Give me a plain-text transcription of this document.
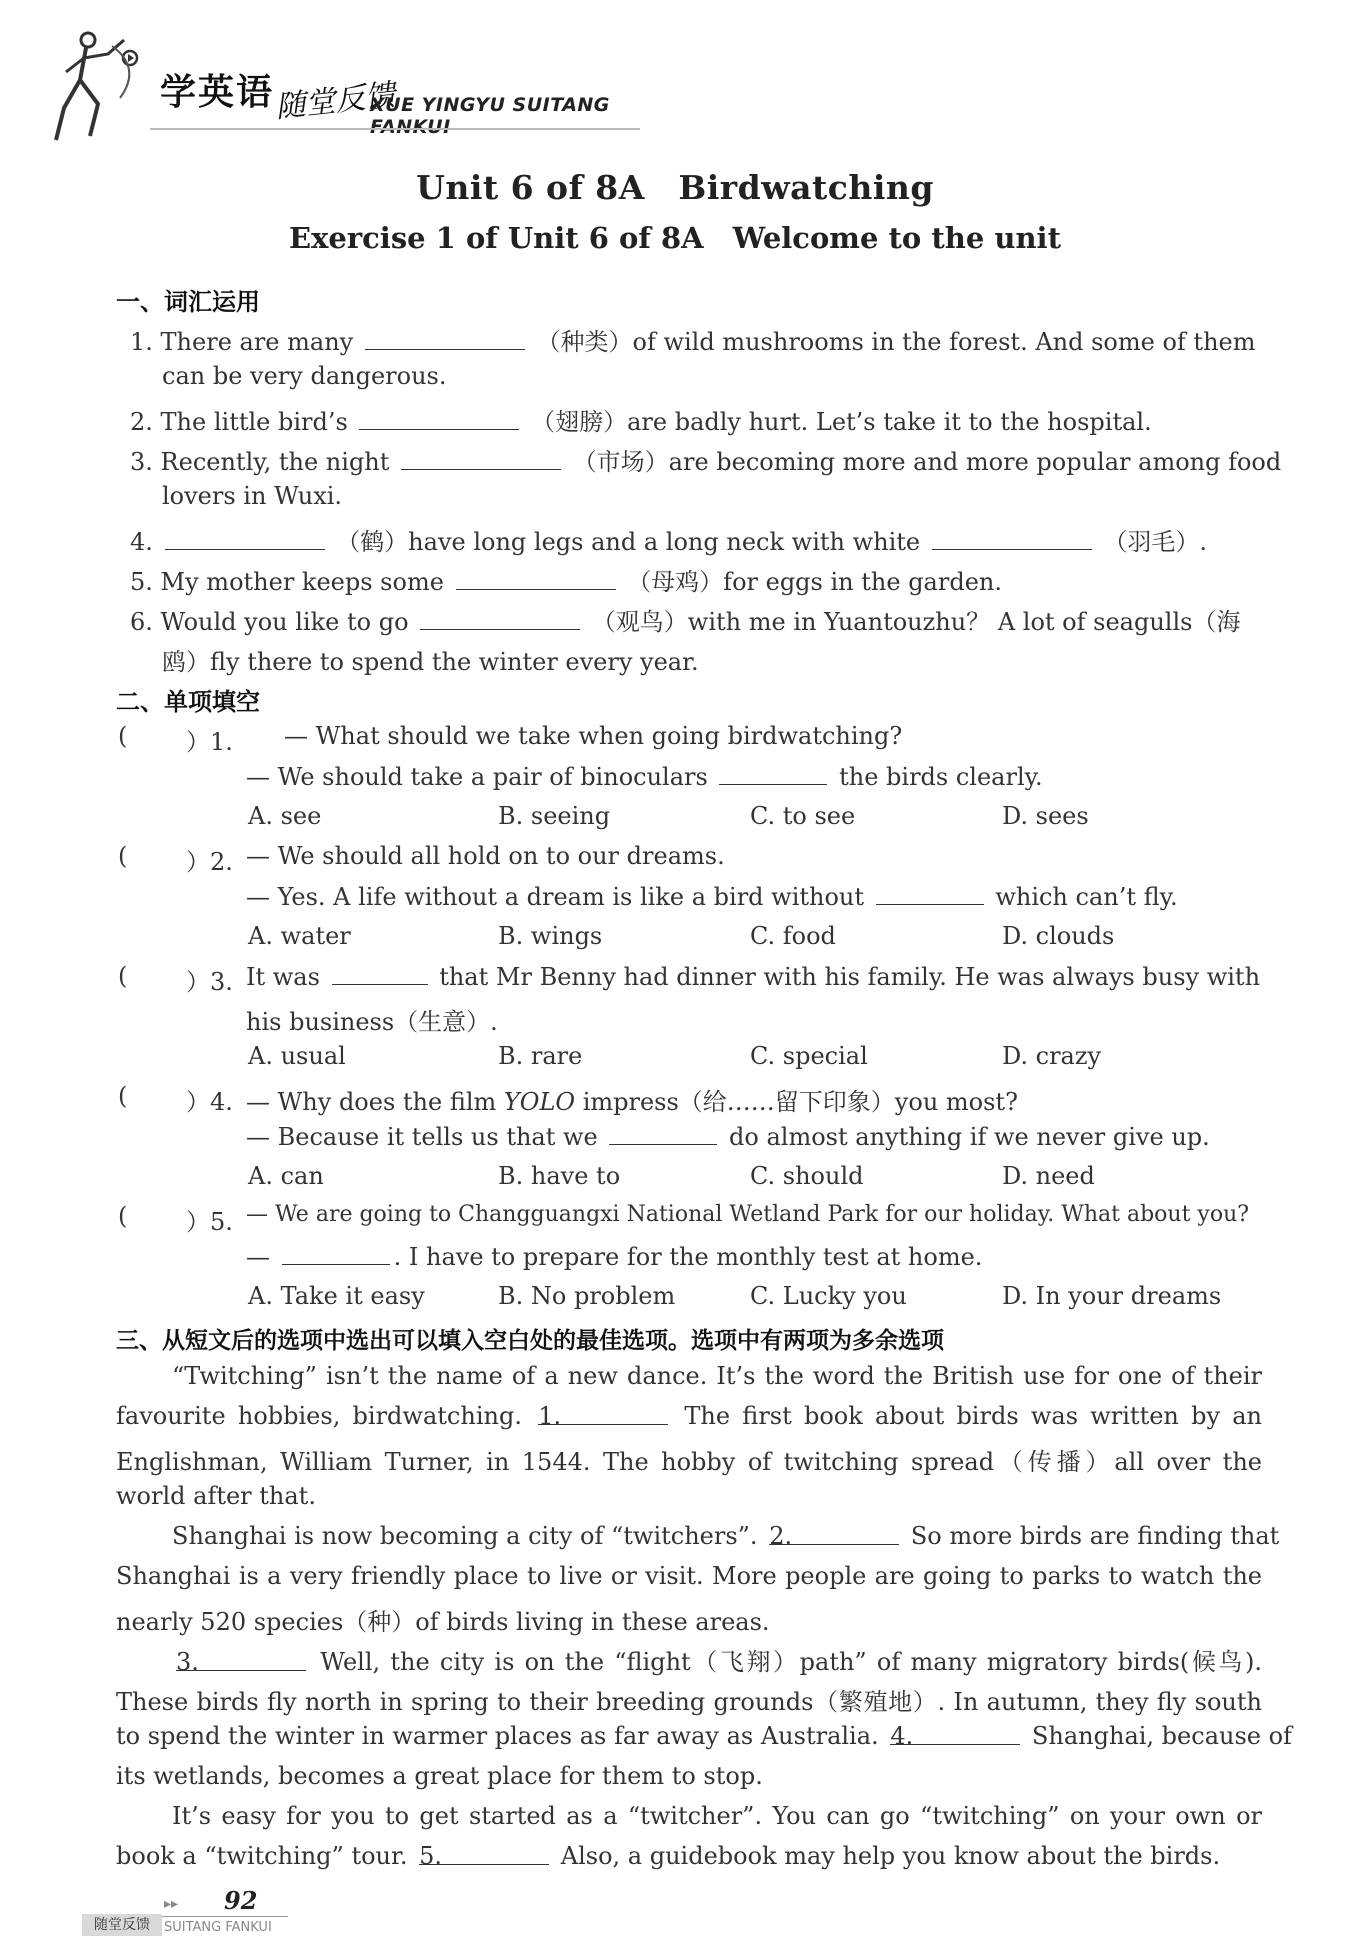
学英语 随堂反馈
XUE YINGYU SUITANG FANKUI
Unit 6 of 8A　Birdwatching
Exercise 1 of Unit 6 of 8A　Welcome to the unit
一、词汇运用
1. There are many	（种类）of wild mushrooms in the forest. And some of them
can be very dangerous.
2. The little bird’s	（翅膀）are badly hurt. Let’s take it to the hospital.
3. Recently, the night	（市场）are becoming more and more popular among food
lovers in Wuxi.
4.	（鹤）have long legs and a long neck with white	（羽毛）.
5. My mother keeps some	（母鸡）for eggs in the garden.
6. Would you like to go	（观鸟）with me in Yuantouzhu？ A lot of seagulls（海
鸥）fly there to spend the winter every year.
二、单项填空
( ）1. — What should we take when going birdwatching?
— We should take a pair of binoculars	the birds clearly.
A. see	B. seeing	C. to see	D. sees
( ）2. — We should all hold on to our dreams.
— Yes. A life without a dream is like a bird without	which can’t fly.
A. water	B. wings	C. food	D. clouds
( ）3. It was	that Mr Benny had dinner with his family. He was always busy with
his business（生意）.
A. usual	B. rare	C. special	D. crazy
( ）4. — Why does the film YOLO impress（给……留下印象）you most?
— Because it tells us that we	do almost anything if we never give up.
A. can	B. have to	C. should	D. need
( ）5. — We are going to Changguangxi National Wetland Park for our holiday. What about you?
—	. I have to prepare for the monthly test at home.
A. Take it easy	B. No problem	C. Lucky you	D. In your dreams
三、从短文后的选项中选出可以填入空白处的最佳选项。选项中有两项为多余选项
“Twitching” isn’t the name of a new dance. It’s the word the British use for one of their
favourite hobbies, birdwatching. 1.	The first book about birds was written by an
Englishman, William Turner, in 1544. The hobby of twitching spread（传播）all over the
world after that.
Shanghai is now becoming a city of “twitchers”. 2.	So more birds are finding that
Shanghai is a very friendly place to live or visit. More people are going to parks to watch the
nearly 520 species（种）of birds living in these areas.
3.	Well, the city is on the “flight（飞翔）path” of many migratory birds(候鸟).
These birds fly north in spring to their breeding grounds（繁殖地）. In autumn, they fly south
to spend the winter in warmer places as far away as Australia. 4.	Shanghai, because of
its wetlands, becomes a great place for them to stop.
It’s easy for you to get started as a “twitcher”. You can go “twitching” on your own or
book a “twitching” tour. 5.	Also, a guidebook may help you know about the birds.
▸▸ 92
随堂反馈	SUITANG FANKUI
